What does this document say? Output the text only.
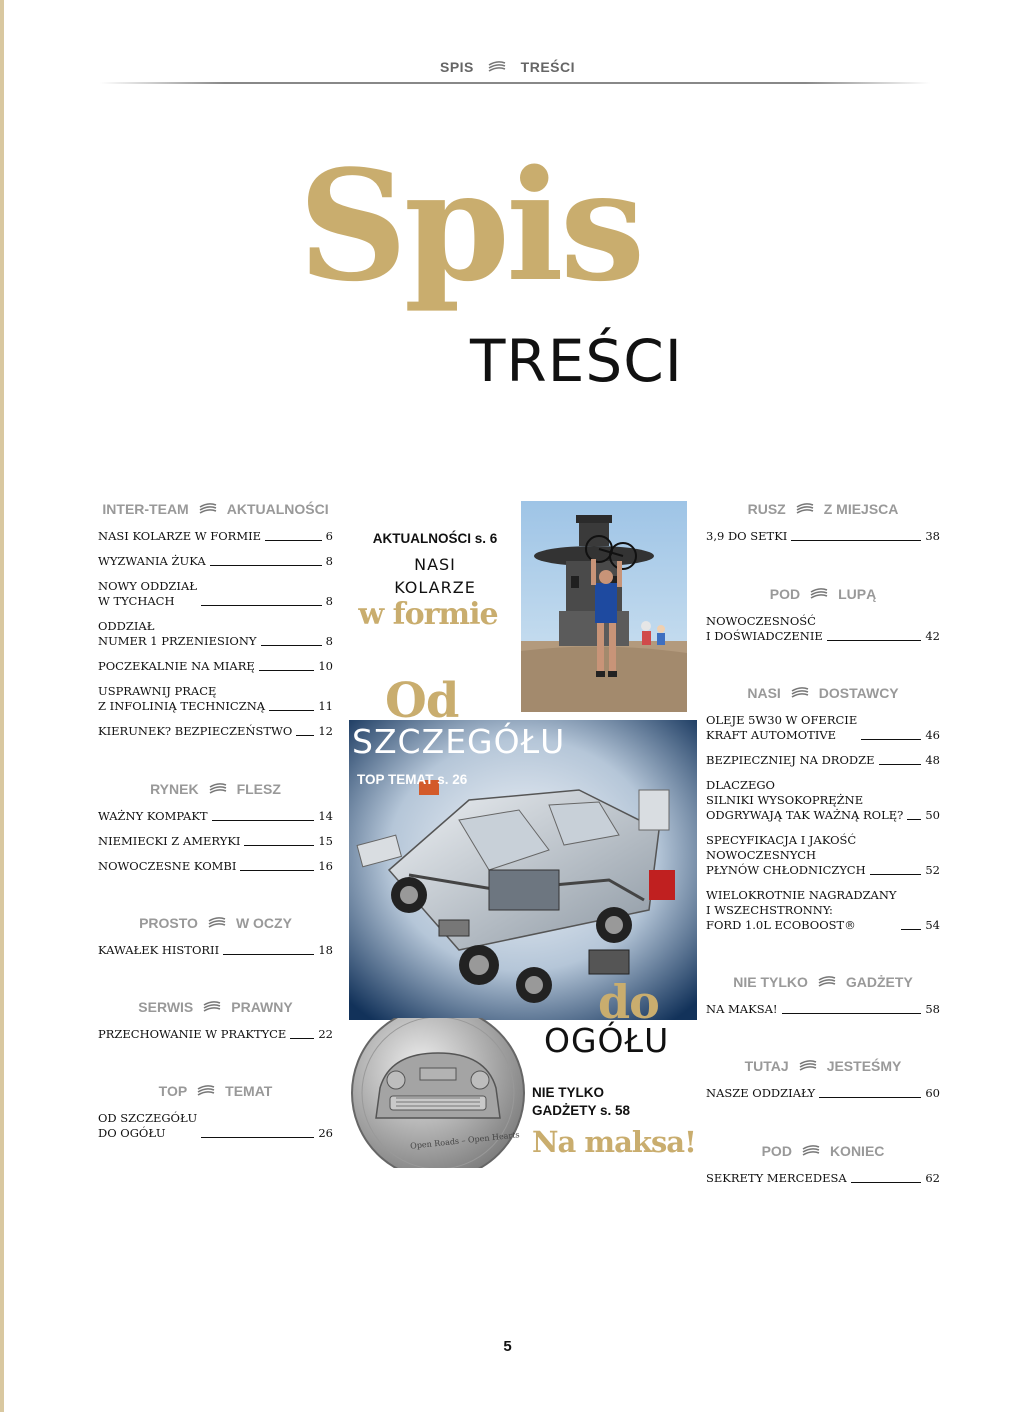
SPIS	TREŚCI
Spis
TREŚCI
INTER-TEAM	AKTUALNOŚCI
NASI KOLARZE W FORMIE	6
WYZWANIA ŻUKA	8
NOWY ODDZIAŁ
W TYCHACH	8
ODDZIAŁ
NUMER 1 PRZENIESIONY	8
POCZEKALNIE NA MIARĘ	10
USPRAWNIJ PRACĘ
Z INFOLINIĄ TECHNICZNĄ	11
KIERUNEK? BEZPIECZEŃSTWO 12
RYNEK	FLESZ
WAŻNY KOMPAKT	14
NIEMIECKI Z AMERYKI	15
NOWOCZESNE KOMBI	16
PROSTO	W OCZY
KAWAŁEK HISTORII	18
SERWIS	PRAWNY
PRZECHOWANIE W PRAKTYCE	22
TOP	TEMAT
OD SZCZEGÓŁU
DO OGÓŁU	26
RUSZ	Z MIEJSCA
3,9 DO SETKI	38
POD	LUPĄ
NOWOCZESNOŚĆ
I DOŚWIADCZENIE	42
NASI	DOSTAWCY
OLEJE 5W30 W OFERCIE
KRAFT AUTOMOTIVE	46
BEZPIECZNIEJ NA DRODZE	48
DLACZEGO
SILNIKI WYSOKOPRĘŻNE
ODGRYWAJĄ TAK WAŻNĄ ROLĘ? 50
SPECYFIKACJA I JAKOŚĆ
NOWOCZESNYCH
PŁYNÓW CHŁODNICZYCH	52
WIELOKROTNIE NAGRADZANY
I WSZECHSTRONNY:
FORD 1.0L ECOBOOST®	54
NIE TYLKO	GADŻETY
NA MAKSA!	58
TUTAJ	JESTEŚMY
NASZE ODDZIAŁY	60
POD	KONIEC
SEKRETY MERCEDESA	62
AKTUALNOŚCI s. 6
NASI
KOLARZE
w formie
Od
SZCZEGÓŁU
TOP TEMAT s. 26
do
OGÓŁU
Open Roads – Open Hearts
NIE TYLKO
GADŻETY s. 58
Na maksa!
5
